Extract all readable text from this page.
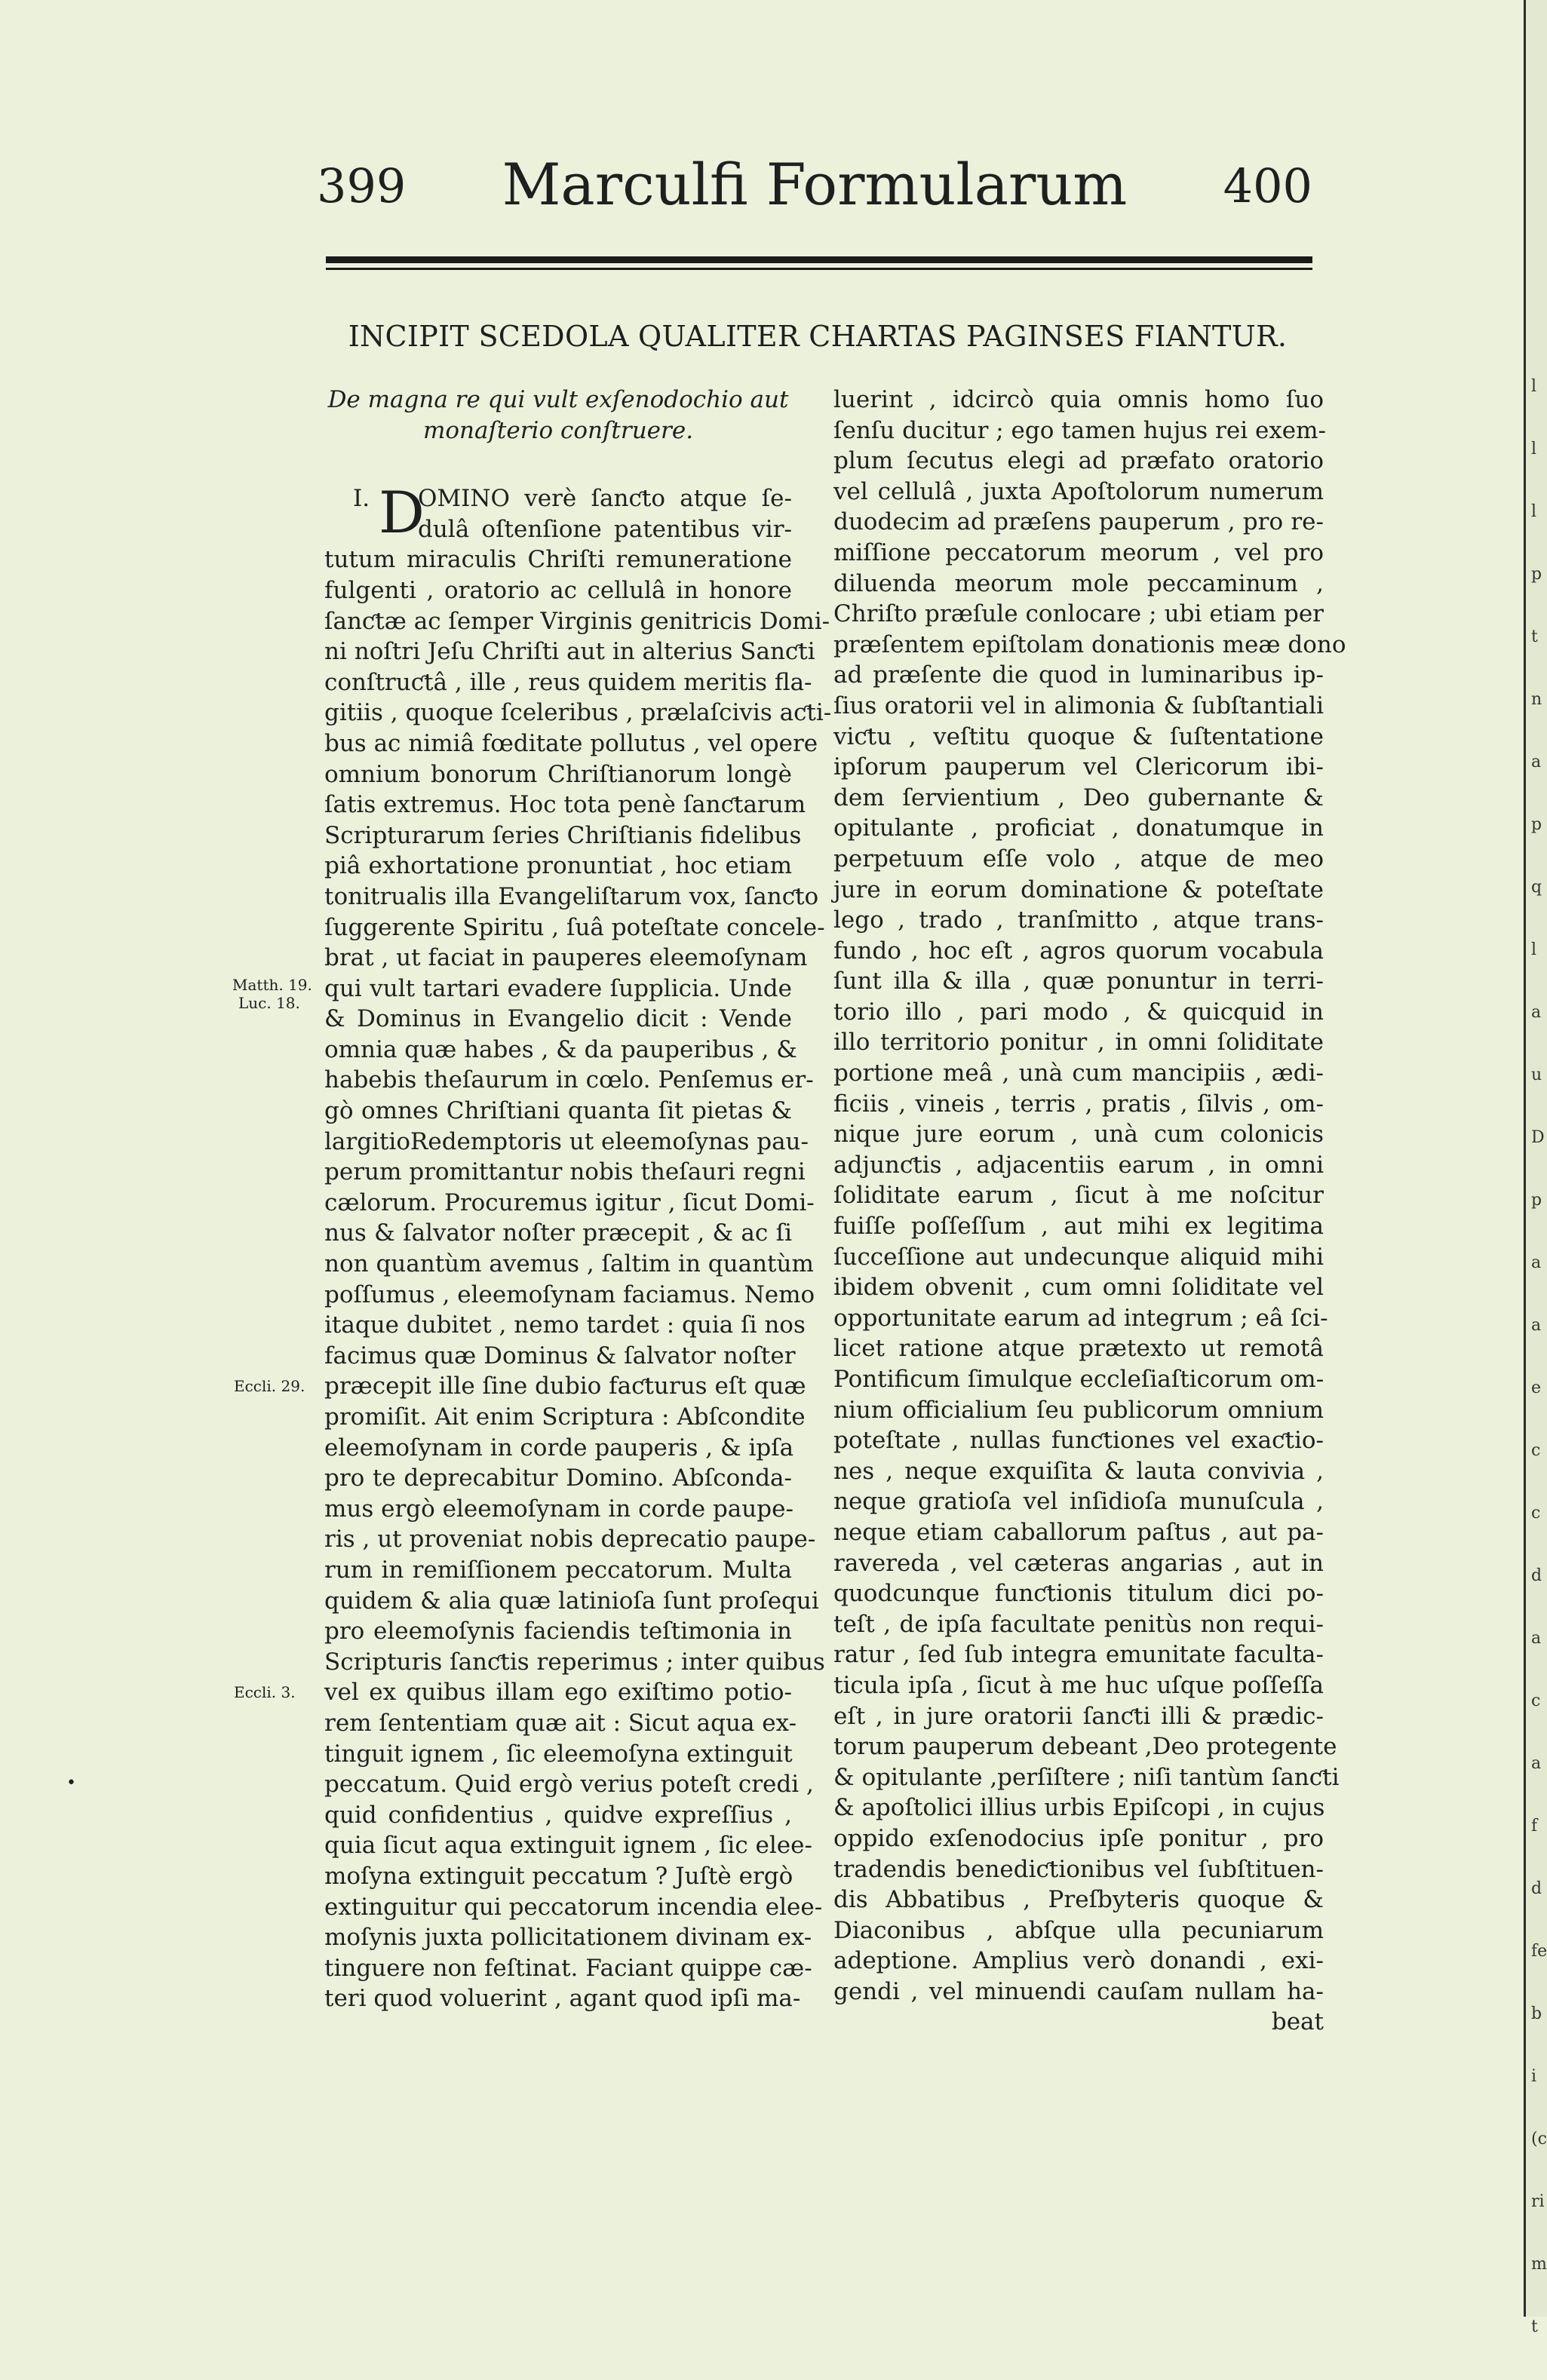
l
l
l
p
t
n
a
p
q
l
a
u
D
p
a
a
e
c
c
d
a
c
a
f
d
fe
b
i
(c
ri
m
t
399	Marculfi Formularum	400
INCIPIT SCEDOLA QUALITER CHARTAS PAGINSES FIANTUR.
De magna re qui vult exſenodochio aut
monaſterio conſtruere.
I. D
OMINO verè ſanƈto atque ſe-
dulâ oſtenſione patentibus vir-
tutum miraculis Chriſti remuneratione
fulgenti , oratorio ac cellulâ in honore
ſanƈtæ ac ſemper Virginis genitricis Domi-
ni noſtri Jeſu Chriſti aut in alterius Sanƈti
conſtruƈtâ , ille , reus quidem meritis fla-
gitiis , quoque ſceleribus , prælaſcivis aƈti-
bus ac nimiâ fœditate pollutus , vel opere
omnium bonorum Chriſtianorum longè
ſatis extremus. Hoc tota penè ſanƈtarum
Scripturarum ſeries Chriſtianis fidelibus
piâ exhortatione pronuntiat , hoc etiam
tonitrualis illa Evangeliſtarum vox, ſanƈto
ſuggerente Spiritu , ſuâ poteſtate concele-
brat , ut faciat in pauperes eleemoſynam
qui vult tartari evadere ſupplicia. Unde
& Dominus in Evangelio dicit : Vende
omnia quæ habes , & da pauperibus , &
habebis theſaurum in cœlo. Penſemus er-
gò omnes Chriſtiani quanta ſit pietas &
largitioRedemptoris ut eleemoſynas pau-
perum promittantur nobis theſauri regni
cælorum. Procuremus igitur , ſicut Domi-
nus & ſalvator noſter præcepit , & ac ſi
non quantùm avemus , ſaltim in quantùm
poſſumus , eleemoſynam faciamus. Nemo
itaque dubitet , nemo tardet : quia ſi nos
facimus quæ Dominus & ſalvator noſter
præcepit ille ſine dubio faƈturus eſt quæ
promiſit. Ait enim Scriptura : Abſcondite
eleemoſynam in corde pauperis , & ipſa
pro te deprecabitur Domino. Abſconda-
mus ergò eleemoſynam in corde paupe-
ris , ut proveniat nobis deprecatio paupe-
rum in remiſſionem peccatorum. Multa
quidem & alia quæ latinioſa ſunt proſequi
pro eleemoſynis faciendis teſtimonia in
Scripturis ſanƈtis reperimus ; inter quibus
vel ex quibus illam ego exiſtimo potio-
rem ſententiam quæ ait : Sicut aqua ex-
tinguit ignem , ſic eleemoſyna extinguit
peccatum. Quid ergò verius poteſt credi ,
quid confidentius , quidve expreſſius ,
quia ſicut aqua extinguit ignem , ſic elee-
moſyna extinguit peccatum ? Juſtè ergò
extinguitur qui peccatorum incendia elee-
moſynis juxta pollicitationem divinam ex-
tinguere non feſtinat. Faciant quippe cæ-
teri quod voluerint , agant quod ipſi ma-
luerint , idcircò quia omnis homo ſuo
ſenſu ducitur ; ego tamen hujus rei exem-
plum ſecutus elegi ad præfato oratorio
vel cellulâ , juxta Apoſtolorum numerum
duodecim ad præſens pauperum , pro re-
miſſione peccatorum meorum , vel pro
diluenda meorum mole peccaminum ,
Chriſto præſule conlocare ; ubi etiam per
præſentem epiſtolam donationis meæ dono
ad præſente die quod in luminaribus ip-
ſius oratorii vel in alimonia & ſubſtantiali
viƈtu , veſtitu quoque & ſuſtentatione
ipſorum pauperum vel Clericorum ibi-
dem ſervientium , Deo gubernante &
opitulante , proficiat , donatumque in
perpetuum eſſe volo , atque de meo
jure in eorum dominatione & poteſtate
lego , trado , tranſmitto , atque trans-
fundo , hoc eſt , agros quorum vocabula
ſunt illa & illa , quæ ponuntur in terri-
torio illo , pari modo , & quicquid in
illo territorio ponitur , in omni ſoliditate
portione meâ , unà cum mancipiis , ædi-
ficiis , vineis , terris , pratis , ſilvis , om-
nique jure eorum , unà cum colonicis
adjunƈtis , adjacentiis earum , in omni
ſoliditate earum , ſicut à me noſcitur
fuiſſe poſſeſſum , aut mihi ex legitima
ſucceſſione aut undecunque aliquid mihi
ibidem obvenit , cum omni ſoliditate vel
opportunitate earum ad integrum ; eâ ſci-
licet ratione atque prætexto ut remotâ
Pontificum ſimulque eccleſiaſticorum om-
nium officialium ſeu publicorum omnium
poteſtate , nullas funƈtiones vel exaƈtio-
nes , neque exquiſita & lauta convivia ,
neque gratioſa vel inſidioſa munuſcula ,
neque etiam caballorum paſtus , aut pa-
ravereda , vel cæteras angarias , aut in
quodcunque funƈtionis titulum dici po-
teſt , de ipſa facultate penitùs non requi-
ratur , ſed ſub integra emunitate faculta-
ticula ipſa , ſicut à me huc uſque poſſeſſa
eſt , in jure oratorii ſanƈti illi & prædic-
torum pauperum debeant ,Deo protegente
& opitulante ,perſiſtere ; niſi tantùm ſanƈti
& apoſtolici illius urbis Epiſcopi , in cujus
oppido exſenodocius ipſe ponitur , pro
tradendis benediƈtionibus vel ſubſtituen-
dis Abbatibus , Preſbyteris quoque &
Diaconibus , abſque ulla pecuniarum
adeptione. Amplius verò donandi , exi-
gendi , vel minuendi cauſam nullam ha-
beat
Matth. 19.
Luc. 18.
Eccli. 29.
Eccli. 3.
•
